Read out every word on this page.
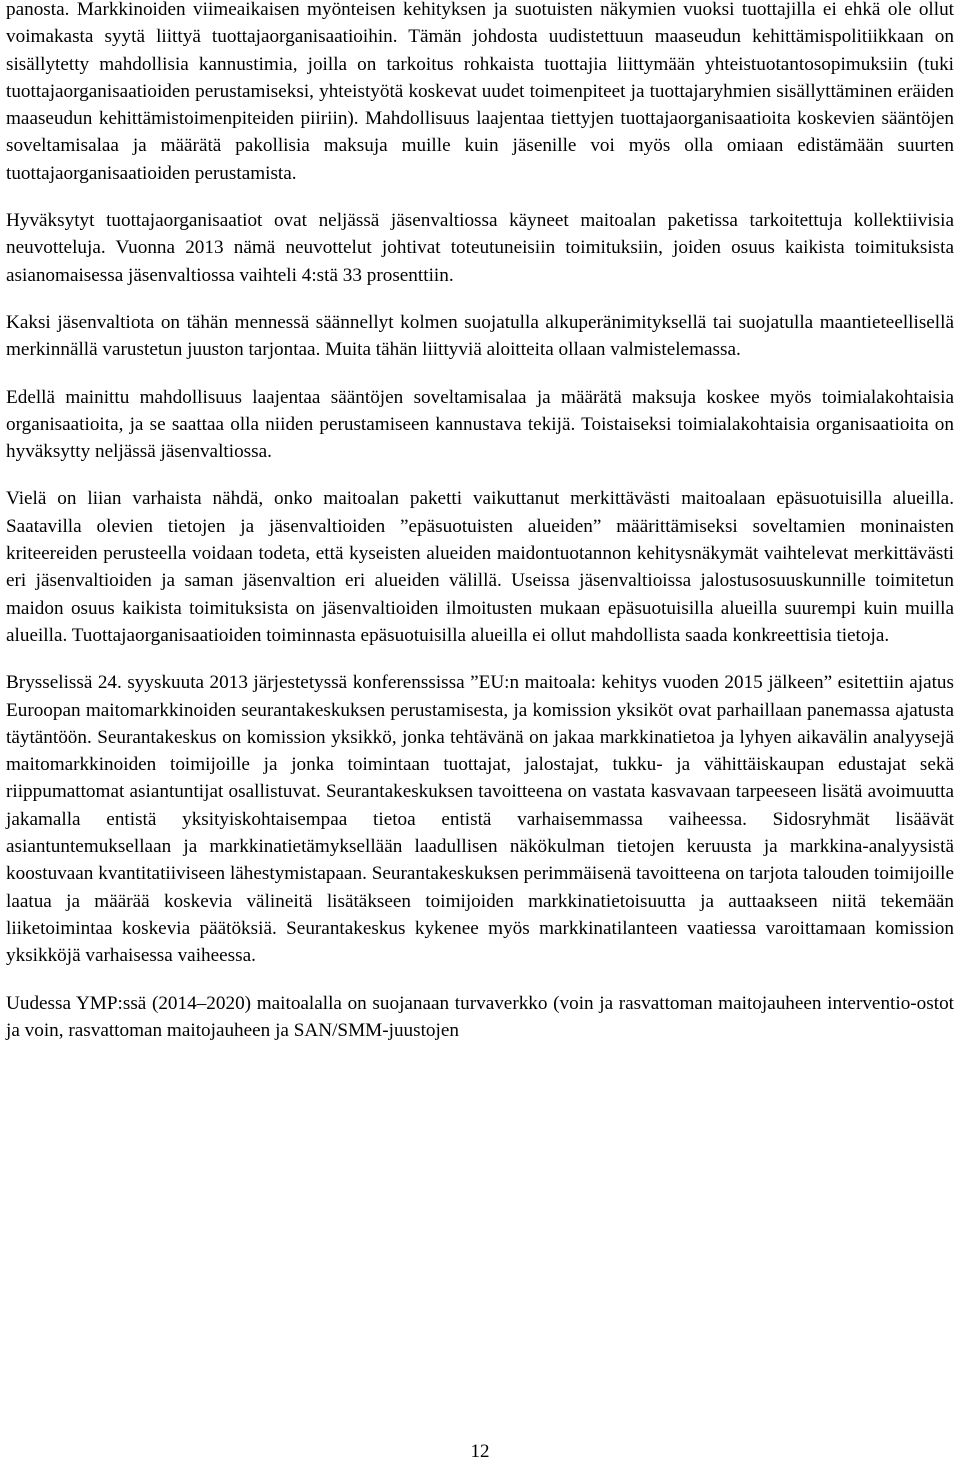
panosta. Markkinoiden viimeaikaisen myönteisen kehityksen ja suotuisten näkymien vuoksi tuottajilla ei ehkä ole ollut voimakasta syytä liittyä tuottajaorganisaatioihin. Tämän johdosta uudistettuun maaseudun kehittämispolitiikkaan on sisällytetty mahdollisia kannustimia, joilla on tarkoitus rohkaista tuottajia liittymään yhteistuotantosopimuksiin (tuki tuottajaorganisaatioiden perustamiseksi, yhteistyötä koskevat uudet toimenpiteet ja tuottajaryhmien sisällyttäminen eräiden maaseudun kehittämistoimenpiteiden piiriin). Mahdollisuus laajentaa tiettyjen tuottajaorganisaatioita koskevien sääntöjen soveltamisalaa ja määrätä pakollisia maksuja muille kuin jäsenille voi myös olla omiaan edistämään suurten tuottajaorganisaatioiden perustamista.

Hyväksytyt tuottajaorganisaatiot ovat neljässä jäsenvaltiossa käyneet maitoalan paketissa tarkoitettuja kollektiivisia neuvotteluja. Vuonna 2013 nämä neuvottelut johtivat toteutuneisiin toimituksiin, joiden osuus kaikista toimituksista asianomaisessa jäsenvaltiossa vaihteli 4:stä 33 prosenttiin.

Kaksi jäsenvaltiota on tähän mennessä säännellyt kolmen suojatulla alkuperänimityksellä tai suojatulla maantieteellisellä merkinnällä varustetun juuston tarjontaa. Muita tähän liittyviä aloitteita ollaan valmistelemassa.

Edellä mainittu mahdollisuus laajentaa sääntöjen soveltamisalaa ja määrätä maksuja koskee myös toimialakohtaisia organisaatioita, ja se saattaa olla niiden perustamiseen kannustava tekijä. Toistaiseksi toimialakohtaisia organisaatioita on hyväksytty neljässä jäsenvaltiossa.

Vielä on liian varhaista nähdä, onko maitoalan paketti vaikuttanut merkittävästi maitoalaan epäsuotuisilla alueilla. Saatavilla olevien tietojen ja jäsenvaltioiden ”epäsuotuisten alueiden” määrittämiseksi soveltamien moninaisten kriteereiden perusteella voidaan todeta, että kyseisten alueiden maidontuotannon kehitysnäkymät vaihtelevat merkittävästi eri jäsenvaltioiden ja saman jäsenvaltion eri alueiden välillä. Useissa jäsenvaltioissa jalostusosuuskunnille toimitetun maidon osuus kaikista toimituksista on jäsenvaltioiden ilmoitusten mukaan epäsuotuisilla alueilla suurempi kuin muilla alueilla. Tuottajaorganisaatioiden toiminnasta epäsuotuisilla alueilla ei ollut mahdollista saada konkreettisia tietoja.

Brysselissä 24. syyskuuta 2013 järjestetyssä konferenssissa ”EU:n maitoala: kehitys vuoden 2015 jälkeen” esitettiin ajatus Euroopan maitomarkkinoiden seurantakeskuksen perustamisesta, ja komission yksiköt ovat parhaillaan panemassa ajatusta täytäntöön. Seurantakeskus on komission yksikkö, jonka tehtävänä on jakaa markkinatietoa ja lyhyen aikavälin analyysejä maitomarkkinoiden toimijoille ja jonka toimintaan tuottajat, jalostajat, tukku- ja vähittäiskaupan edustajat sekä riippumattomat asiantuntijat osallistuvat. Seurantakeskuksen tavoitteena on vastata kasvavaan tarpeeseen lisätä avoimuutta jakamalla entistä yksityiskohtaisempaa tietoa entistä varhaisemmassa vaiheessa. Sidosryhmät lisäävät asiantuntemuksellaan ja markkinatietämyksellään laadullisen näkökulman tietojen keruusta ja markkina-analyysistä koostuvaan kvantitatiiviseen lähestymistapaan. Seurantakeskuksen perimmäisenä tavoitteena on tarjota talouden toimijoille laatua ja määrää koskevia välineitä lisätäkseen toimijoiden markkinatietoisuutta ja auttaakseen niitä tekemään liiketoimintaa koskevia päätöksiä. Seurantakeskus kykenee myös markkinatilanteen vaatiessa varoittamaan komission yksikköjä varhaisessa vaiheessa.

Uudessa YMP:ssä (2014–2020) maitoalalla on suojanaan turvaverkko (voin ja rasvattoman maitojauheen interventio-ostot ja voin, rasvattoman maitojauheen ja SAN/SMM-juustojen

12
